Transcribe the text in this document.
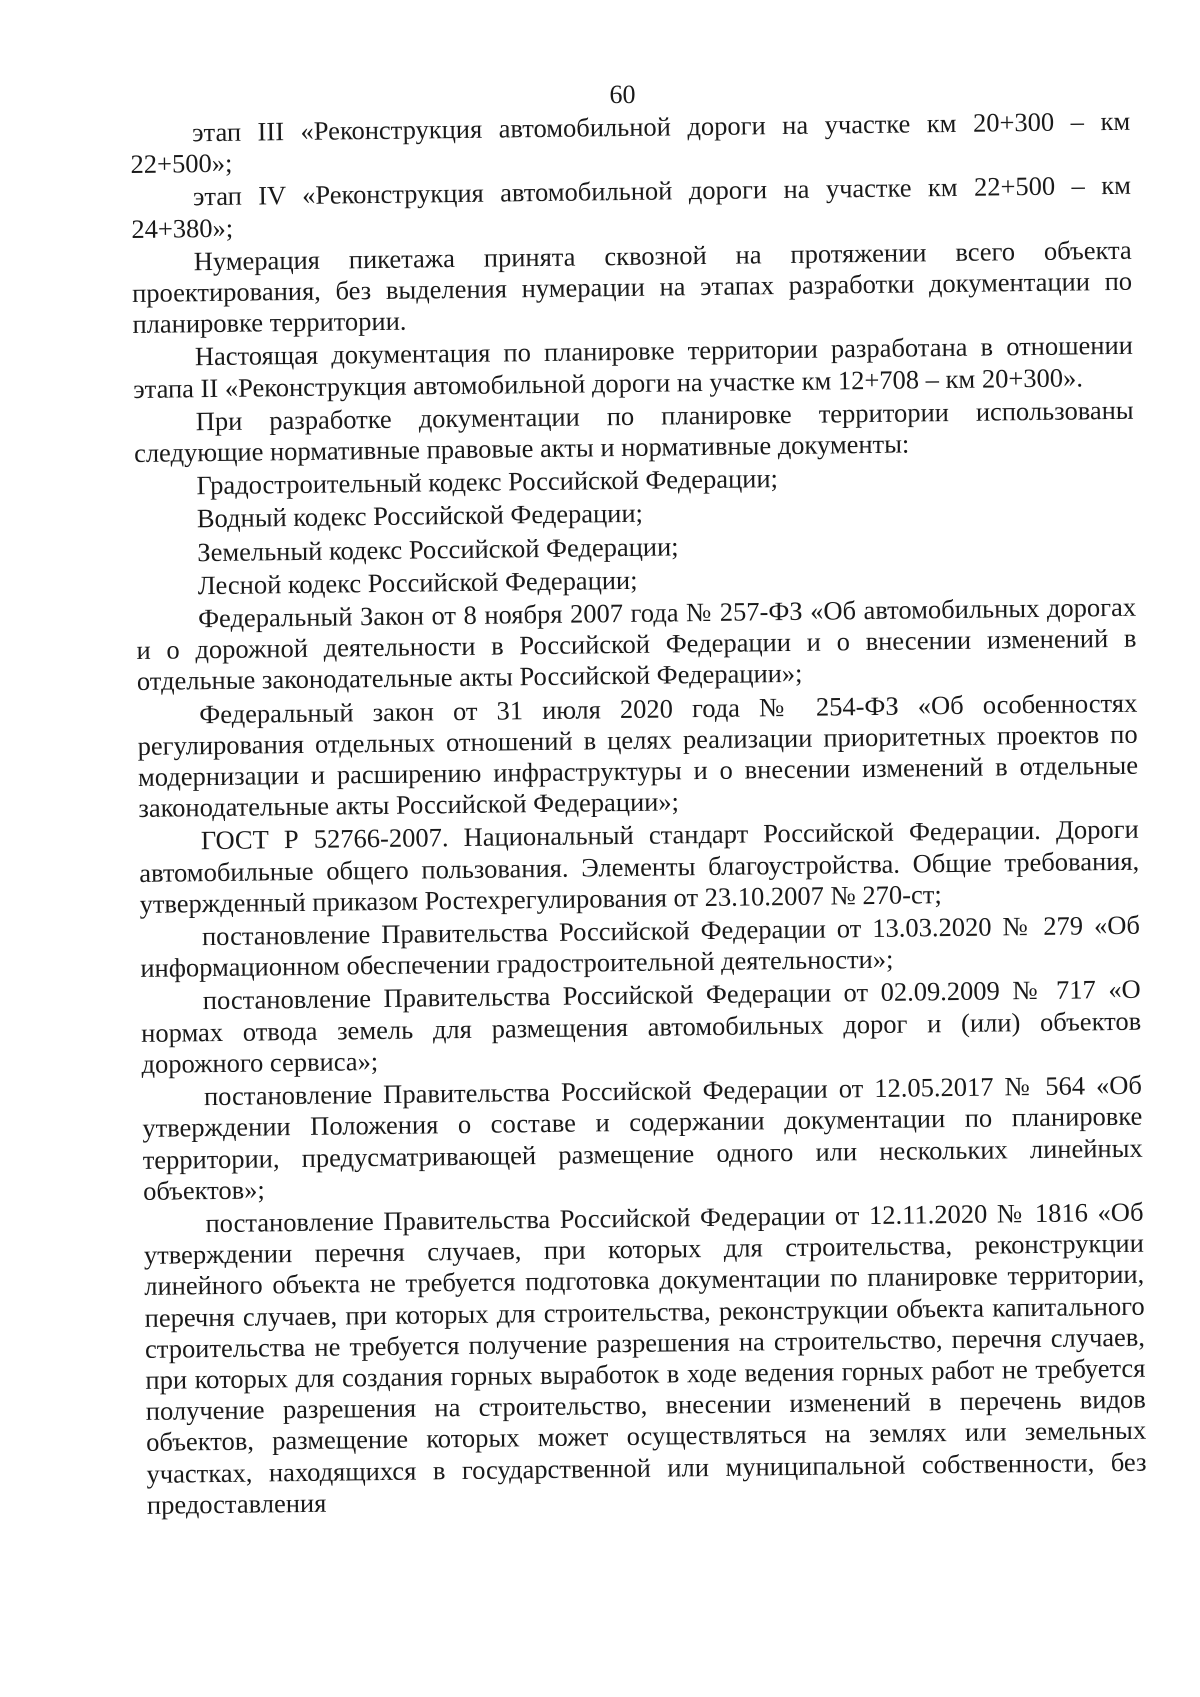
60

этап III «Реконструкция автомобильной дороги на участке км 20+300 – км 22+500»;

этап IV «Реконструкция автомобильной дороги на участке км 22+500 – км 24+380»;

Нумерация пикетажа принята сквозной на протяжении всего объекта проектирования, без выделения нумерации на этапах разработки документации по планировке территории.

Настоящая документация по планировке территории разработана в отношении этапа II «Реконструкция автомобильной дороги на участке км 12+708 – км 20+300».

При разработке документации по планировке территории использованы следующие нормативные правовые акты и нормативные документы:

Градостроительный кодекс Российской Федерации;

Водный кодекс Российской Федерации;

Земельный кодекс Российской Федерации;

Лесной кодекс Российской Федерации;

Федеральный Закон от 8 ноября 2007 года № 257-ФЗ «Об автомобильных дорогах и о дорожной деятельности в Российской Федерации и о внесении изменений в отдельные законодательные акты Российской Федерации»;

Федеральный закон от 31 июля 2020 года № 254-ФЗ «Об особенностях регулирования отдельных отношений в целях реализации приоритетных проектов по модернизации и расширению инфраструктуры и о внесении изменений в отдельные законодательные акты Российской Федерации»;

ГОСТ Р 52766-2007. Национальный стандарт Российской Федерации. Дороги автомобильные общего пользования. Элементы благоустройства. Общие требования, утвержденный приказом Ростехрегулирования от 23.10.2007 № 270-ст;

постановление Правительства Российской Федерации от 13.03.2020 № 279 «Об информационном обеспечении градостроительной деятельности»;

постановление Правительства Российской Федерации от 02.09.2009 № 717 «О нормах отвода земель для размещения автомобильных дорог и (или) объектов дорожного сервиса»;

постановление Правительства Российской Федерации от 12.05.2017 № 564 «Об утверждении Положения о составе и содержании документации по планировке территории, предусматривающей размещение одного или нескольких линейных объектов»;

постановление Правительства Российской Федерации от 12.11.2020 № 1816 «Об утверждении перечня случаев, при которых для строительства, реконструкции линейного объекта не требуется подготовка документации по планировке территории, перечня случаев, при которых для строительства, реконструкции объекта капитального строительства не требуется получение разрешения на строительство, перечня случаев, при которых для создания горных выработок в ходе ведения горных работ не требуется получение разрешения на строительство, внесении изменений в перечень видов объектов, размещение которых может осуществляться на землях или земельных участках, находящихся в государственной или муниципальной собственности, без предоставления
